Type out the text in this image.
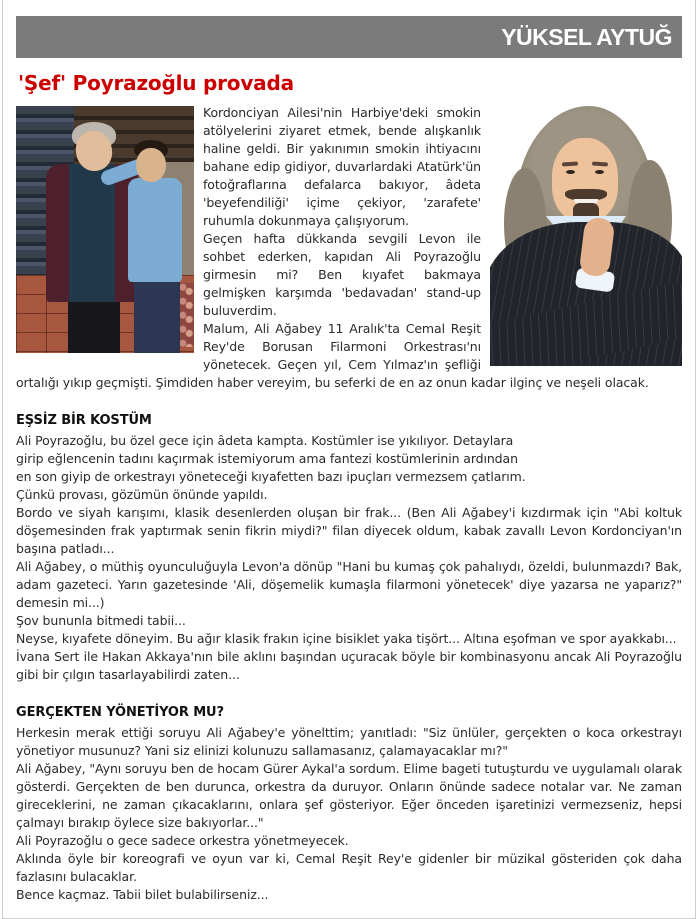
YÜKSEL AYTUĞ
'Şef' Poyrazoğlu provada

Kordonciyan Ailesi'nin Harbiye'deki smokin atölyelerini ziyaret etmek, bende alışkanlık haline geldi. Bir yakınımın smokin ihtiyacını bahane edip gidiyor, duvarlardaki Atatürk'ün fotoğraflarına defalarca bakıyor, âdeta 'beyefendiliği' içime çekiyor, 'zarafete' ruhumla dokunmaya çalışıyorum.

Geçen hafta dükkanda sevgili Levon ile sohbet ederken, kapıdan Ali Poyrazoğlu girmesin mi? Ben kıyafet bakmaya gelmişken karşımda 'bedavadan' stand-up buluverdim.

Malum, Ali Ağabey 11 Aralık'ta Cemal Reşit Rey'de Borusan Filarmoni Orkestrası'nı yönetecek. Geçen yıl, Cem Yılmaz'ın şefliği ortalığı yıkıp geçmişti. Şimdiden haber vereyim, bu seferki de en az onun kadar ilginç ve neşeli olacak.

EŞSİZ BİR KOSTÜM

Ali Poyrazoğlu, bu özel gece için âdeta kampta. Kostümler ise yıkılıyor. Detaylara

girip eğlencenin tadını kaçırmak istemiyorum ama fantezi kostümlerinin ardından

en son giyip de orkestrayı yöneteceği kıyafetten bazı ipuçları vermezsem çatlarım.

Çünkü provası, gözümün önünde yapıldı.

Bordo ve siyah karışımı, klasik desenlerden oluşan bir frak... (Ben Ali Ağabey'i kızdırmak için "Abi koltuk döşemesinden frak yaptırmak senin fikrin miydi?" filan diyecek oldum, kabak zavallı Levon Kordonciyan'ın başına patladı...

Ali Ağabey, o müthiş oyunculuğuyla Levon'a dönüp "Hani bu kumaş çok pahalıydı, özeldi, bulunmazdı? Bak, adam gazeteci. Yarın gazetesinde 'Ali, döşemelik kumaşla filarmoni yönetecek' diye yazarsa ne yaparız?" demesin mi...)

Şov bununla bitmedi tabii...

Neyse, kıyafete döneyim. Bu ağır klasik frakın içine bisiklet yaka tişört... Altına eşofman ve spor ayakkabı...

İvana Sert ile Hakan Akkaya'nın bile aklını başından uçuracak böyle bir kombinasyonu ancak Ali Poyrazoğlu gibi bir çılgın tasarlayabilirdi zaten...

GERÇEKTEN YÖNETİYOR MU?

Herkesin merak ettiği soruyu Ali Ağabey'e yönelttim; yanıtladı: "Siz ünlüler, gerçekten o koca orkestrayı yönetiyor musunuz? Yani siz elinizi kolunuzu sallamasanız, çalamayacaklar mı?"

Ali Ağabey, "Aynı soruyu ben de hocam Gürer Aykal'a sordum. Elime bageti tutuşturdu ve uygulamalı olarak gösterdi. Gerçekten de ben durunca, orkestra da duruyor. Onların önünde sadece notalar var. Ne zaman gireceklerini, ne zaman çıkacaklarını, onlara şef gösteriyor. Eğer önceden işaretinizi vermezseniz, hepsi çalmayı bırakıp öylece size bakıyorlar..."

Ali Poyrazoğlu o gece sadece orkestra yönetmeyecek.

Aklında öyle bir koreografi ve oyun var ki, Cemal Reşit Rey'e gidenler bir müzikal gösteriden çok daha fazlasını bulacaklar.

Bence kaçmaz. Tabii bilet bulabilirseniz...
